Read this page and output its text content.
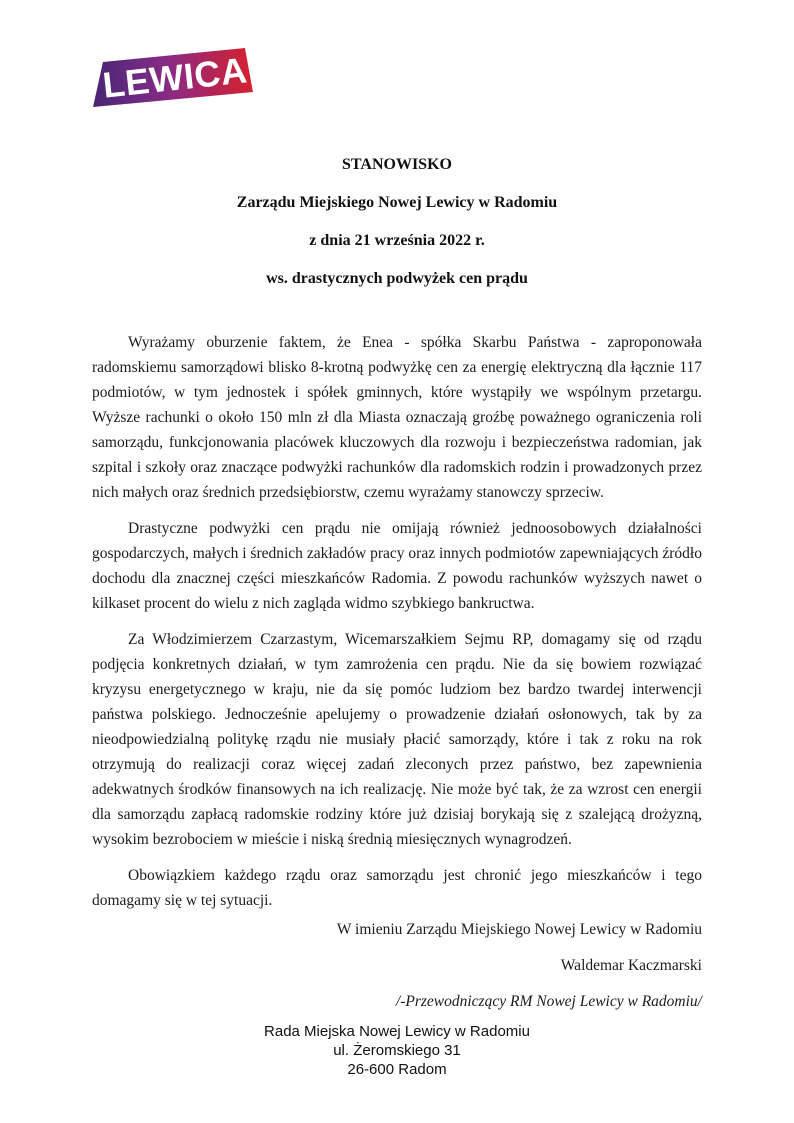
LEWICA
STANOWISKO
Zarządu Miejskiego Nowej Lewicy w Radomiu
z dnia 21 września 2022 r.
ws. drastycznych podwyżek cen prądu

Wyrażamy oburzenie faktem, że Enea - spółka Skarbu Państwa - zaproponowała radomskiemu samorządowi blisko 8-krotną podwyżkę cen za energię elektryczną dla łącznie 117 podmiotów, w tym jednostek i spółek gminnych, które wystąpiły we wspólnym przetargu. Wyższe rachunki o około 150 mln zł dla Miasta oznaczają groźbę poważnego ograniczenia roli samorządu, funkcjonowania placówek kluczowych dla rozwoju i bezpieczeństwa radomian, jak szpital i szkoły oraz znaczące podwyżki rachunków dla radomskich rodzin i prowadzonych przez nich małych oraz średnich przedsiębiorstw, czemu wyrażamy stanowczy sprzeciw.

Drastyczne podwyżki cen prądu nie omijają również jednoosobowych działalności gospodarczych, małych i średnich zakładów pracy oraz innych podmiotów zapewniających źródło dochodu dla znacznej części mieszkańców Radomia. Z powodu rachunków wyższych nawet o kilkaset procent do wielu z nich zagląda widmo szybkiego bankructwa.

Za Włodzimierzem Czarzastym, Wicemarszałkiem Sejmu RP, domagamy się od rządu podjęcia konkretnych działań, w tym zamrożenia cen prądu. Nie da się bowiem rozwiązać kryzysu energetycznego w kraju, nie da się pomóc ludziom bez bardzo twardej interwencji państwa polskiego. Jednocześnie apelujemy o prowadzenie działań osłonowych, tak by za nieodpowiedzialną politykę rządu nie musiały płacić samorządy, które i tak z roku na rok otrzymują do realizacji coraz więcej zadań zleconych przez państwo, bez zapewnienia adekwatnych środków finansowych na ich realizację. Nie może być tak, że za wzrost cen energii dla samorządu zapłacą radomskie rodziny które już dzisiaj borykają się z szalejącą drożyzną, wysokim bezrobociem w mieście i niską średnią miesięcznych wynagrodzeń.

Obowiązkiem każdego rządu oraz samorządu jest chronić jego mieszkańców i tego domagamy się w tej sytuacji.

W imieniu Zarządu Miejskiego Nowej Lewicy w Radomiu
Waldemar Kaczmarski
/-Przewodniczący RM Nowej Lewicy w Radomiu/
Rada Miejska Nowej Lewicy w Radomiu
ul. Żeromskiego 31
26-600 Radom
